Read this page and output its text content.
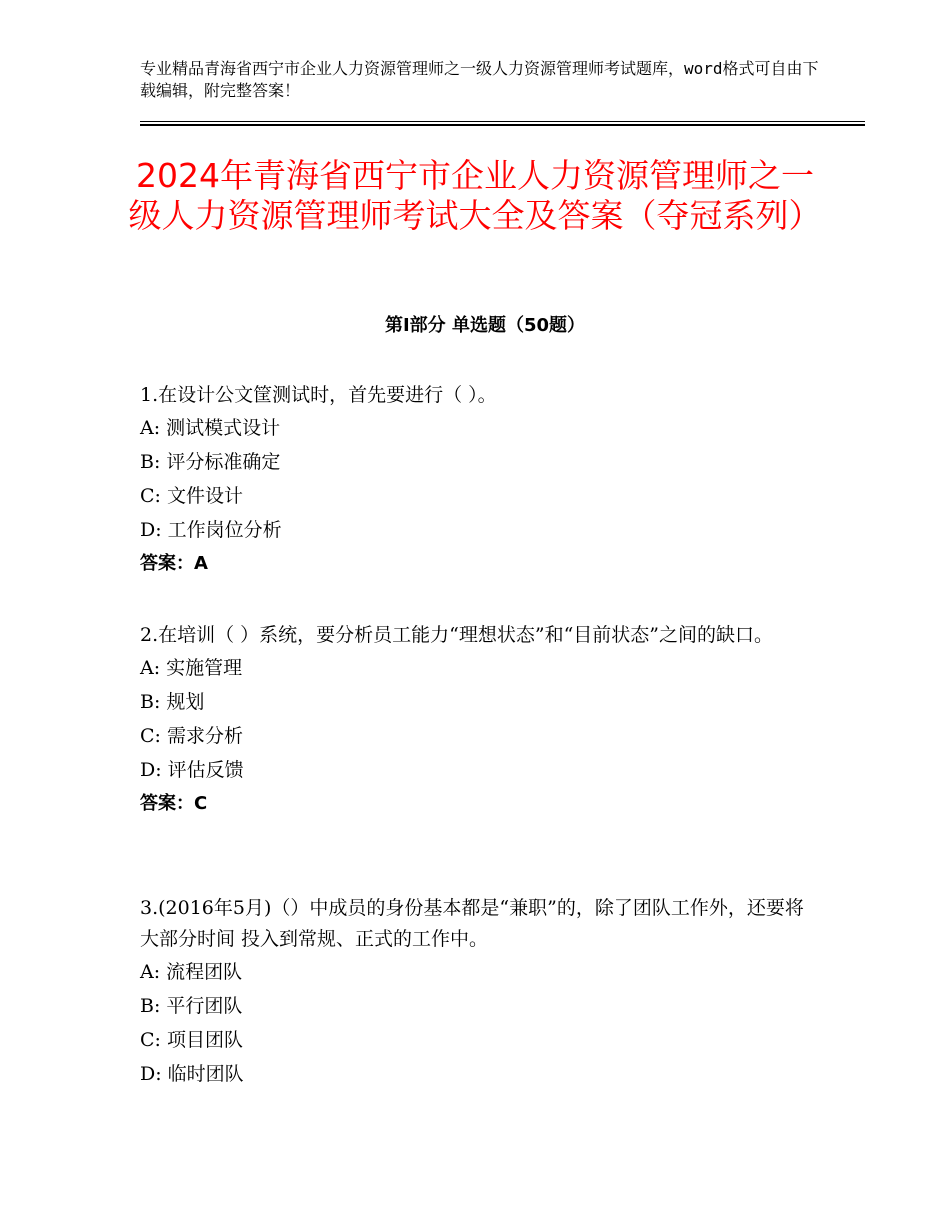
专业精品青海省西宁市企业人力资源管理师之一级人力资源管理师考试题库，word格式可自由下载编辑，附完整答案！
2024年青海省西宁市企业人力资源管理师之一级人力资源管理师考试大全及答案（夺冠系列）
第Ⅰ部分 单选题（50题）

1.在设计公文筐测试时，首先要进行（ ）。

A: 测试模式设计

B: 评分标准确定

C: 文件设计

D: 工作岗位分析

答案：A

2.在培训（ ）系统，要分析员工能力“理想状态”和“目前状态”之间的缺口。

A: 实施管理

B: 规划

C: 需求分析

D: 评估反馈

答案：C

3.(2016年5月)（）中成员的身份基本都是“兼职”的，除了团队工作外，还要将大部分时间 投入到常规、正式的工作中。

A: 流程团队

B: 平行团队

C: 项目团队

D: 临时团队
